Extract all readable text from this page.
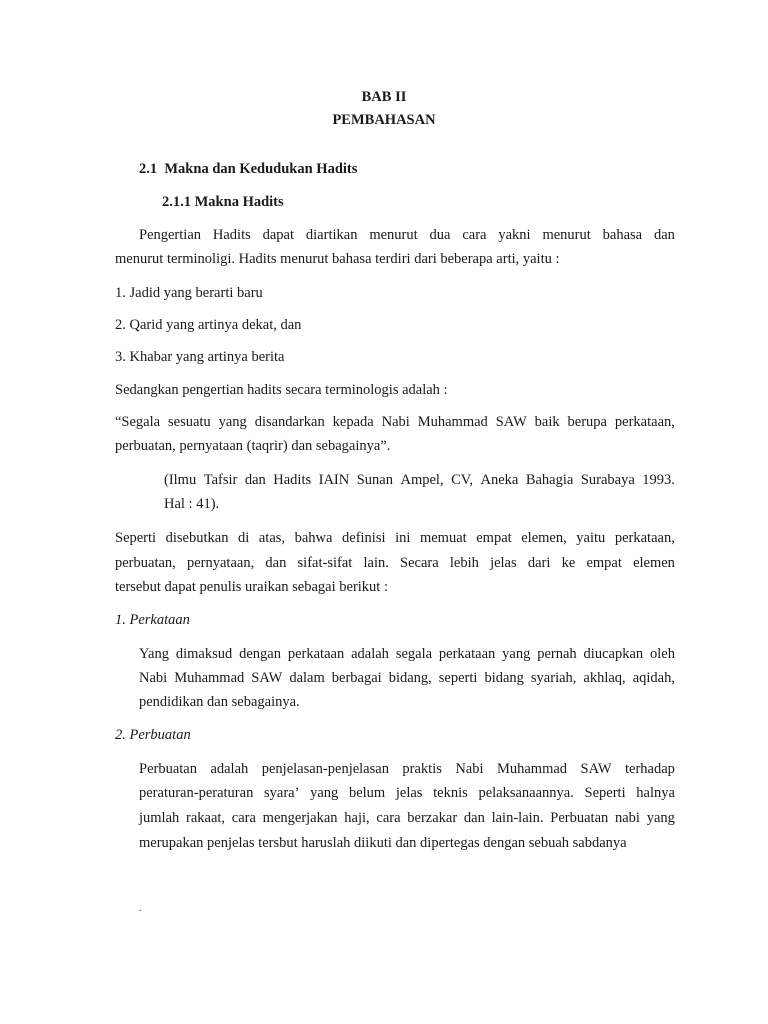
BAB II
PEMBAHASAN
2.1 Makna dan Kedudukan Hadits
2.1.1 Makna Hadits
Pengertian Hadits dapat diartikan menurut dua cara yakni menurut bahasa dan
menurut terminoligi. Hadits menurut bahasa terdiri dari beberapa arti, yaitu :
1. Jadid yang berarti baru
2. Qarid yang artinya dekat, dan
3. Khabar yang artinya berita
Sedangkan pengertian hadits secara terminologis adalah :
“Segala sesuatu yang disandarkan kepada Nabi Muhammad SAW baik berupa perkataan,
perbuatan, pernyataan (taqrir) dan sebagainya”.
(Ilmu Tafsir dan Hadits IAIN Sunan Ampel, CV, Aneka Bahagia Surabaya 1993.
Hal : 41).
Seperti disebutkan di atas, bahwa definisi ini memuat empat elemen, yaitu perkataan,
perbuatan, pernyataan, dan sifat-sifat lain. Secara lebih jelas dari ke empat elemen
tersebut dapat penulis uraikan sebagai berikut :
1. Perkataan
Yang dimaksud dengan perkataan adalah segala perkataan yang pernah diucapkan oleh
Nabi Muhammad SAW dalam berbagai bidang, seperti bidang syariah, akhlaq, aqidah,
pendidikan dan sebagainya.
2. Perbuatan
Perbuatan adalah penjelasan-penjelasan praktis Nabi Muhammad SAW terhadap
peraturan-peraturan syara’ yang belum jelas teknis pelaksanaannya. Seperti halnya
jumlah rakaat, cara mengerjakan haji, cara berzakar dan lain-lain. Perbuatan nabi yang
merupakan penjelas tersbut haruslah diikuti dan dipertegas dengan sebuah sabdanya
.
